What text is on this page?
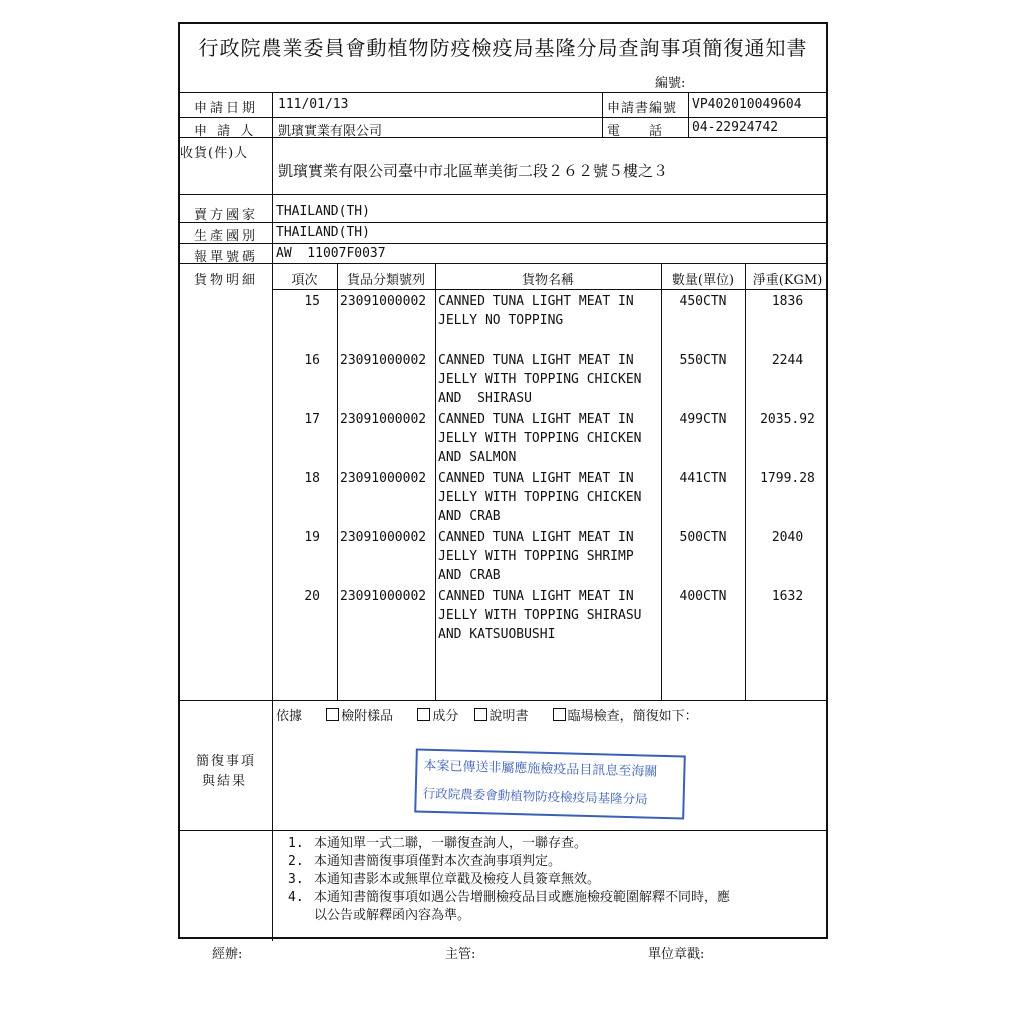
行政院農業委員會動植物防疫檢疫局基隆分局查詢事項簡復通知書
編號:
申請日期 111/01/13	申請書編號 VP402010049604
申 請 人 凱璸實業有限公司	電　　話 04-22924742
收貨(件)人
凱璸實業有限公司臺中市北區華美街二段２６２號５樓之３
賣方國家 THAILAND(TH)
生產國別 THAILAND(TH)
報單號碼 AW  11007F0037
貨物明細	項次	貨品分類號列	貨物名稱	數量(單位)	淨重(KGM)
15 23091000002 CANNED TUNA LIGHT MEAT IN
JELLY NO TOPPING
450CTN	1836
16 23091000002 CANNED TUNA LIGHT MEAT IN
JELLY WITH TOPPING CHICKEN
AND  SHIRASU
550CTN	2244
17 23091000002 CANNED TUNA LIGHT MEAT IN
JELLY WITH TOPPING CHICKEN
AND SALMON
499CTN	2035.92
18 23091000002 CANNED TUNA LIGHT MEAT IN
JELLY WITH TOPPING CHICKEN
AND CRAB
441CTN	1799.28
19 23091000002 CANNED TUNA LIGHT MEAT IN
JELLY WITH TOPPING SHRIMP
AND CRAB
500CTN	2040
20 23091000002 CANNED TUNA LIGHT MEAT IN
JELLY WITH TOPPING SHIRASU
AND KATSUOBUSHI
400CTN	1632
簡復事項
與結果
依據	檢附樣品	成分 說明書	臨場檢查，簡復如下：
本案已傳送非屬應施檢疫品目訊息至海關
行政院農委會動植物防疫檢疫局基隆分局
1. 本通知單一式二聯，一聯復查詢人，一聯存查。
2. 本通知書簡復事項僅對本次查詢事項判定。
3. 本通知書影本或無單位章戳及檢疫人員簽章無效。
4. 本通知書簡復事項如遇公告增刪檢疫品目或應施檢疫範圍解釋不同時，應
以公告或解釋函內容為準。
經辦:	主管:	單位章戳:
